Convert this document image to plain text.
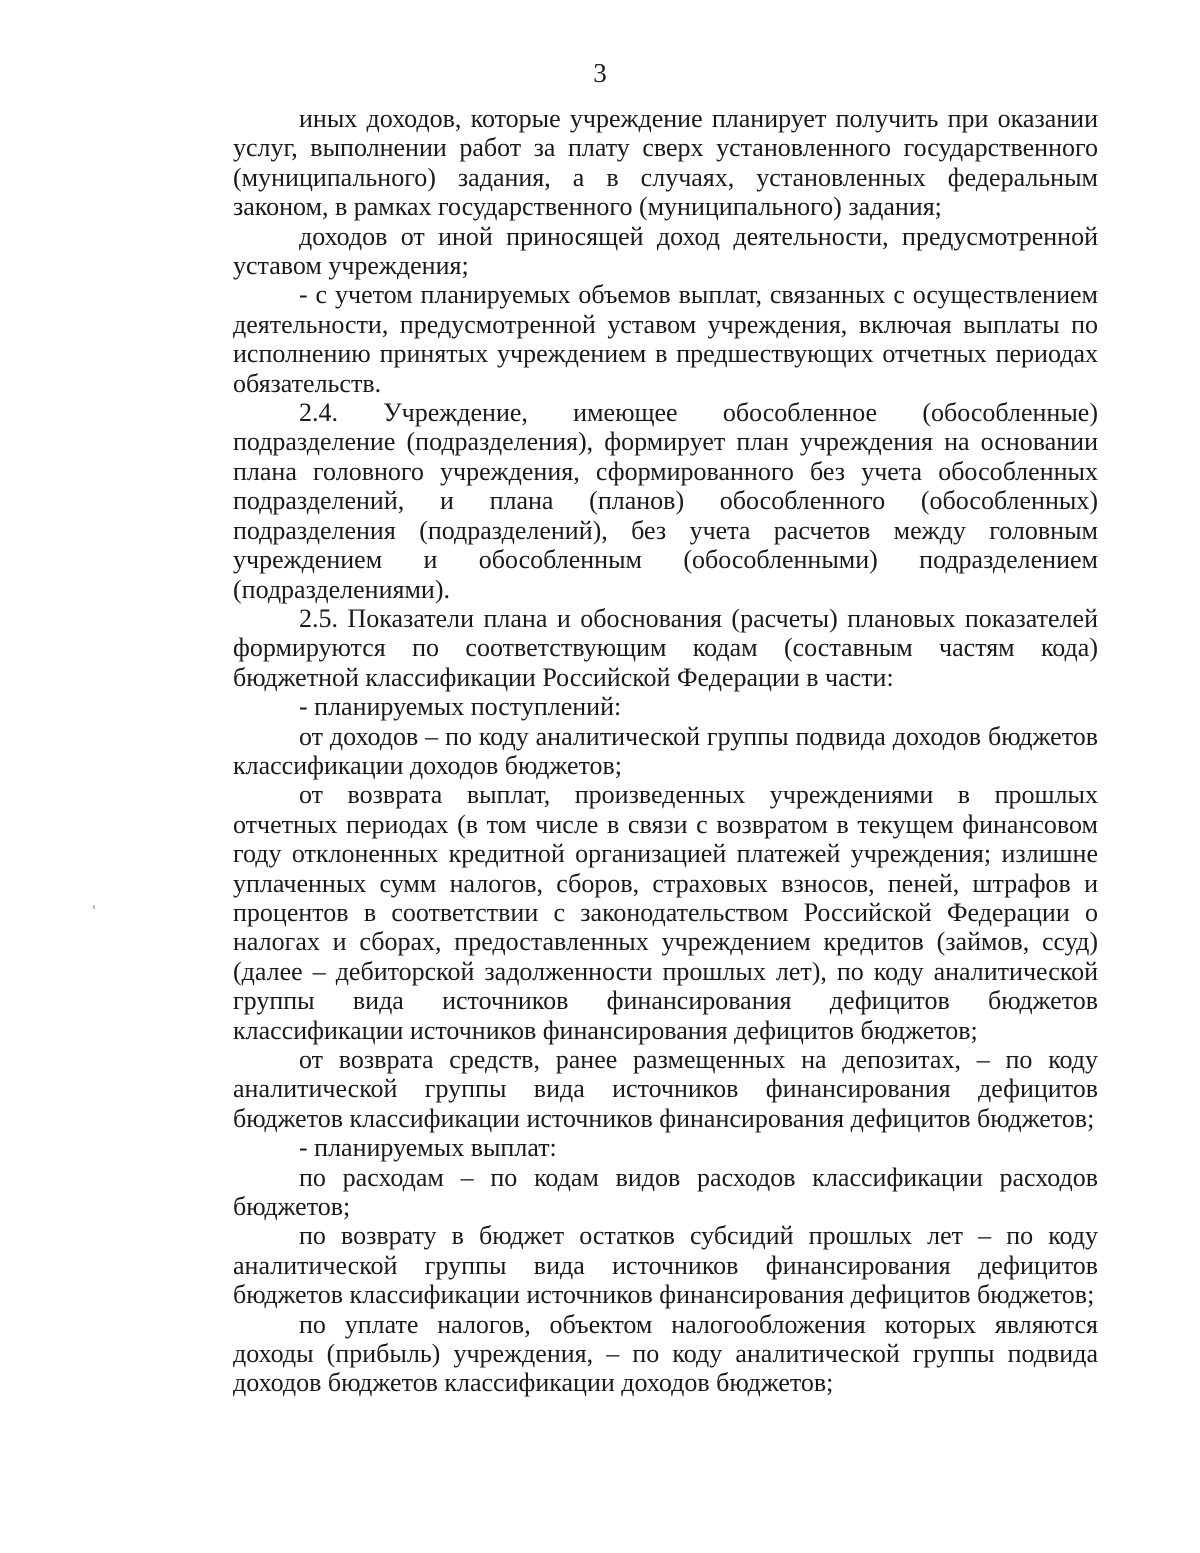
3

иных доходов, которые учреждение планирует получить при оказании услуг, выполнении работ за плату сверх установленного государственного (муниципального) задания, а в случаях, установленных федеральным законом, в рамках государственного (муниципального) задания;

доходов от иной приносящей доход деятельности, предусмотренной уставом учреждения;

- с учетом планируемых объемов выплат, связанных с осуществлением деятельности, предусмотренной уставом учреждения, включая выплаты по исполнению принятых учреждением в предшествующих отчетных периодах обязательств.

2.4. Учреждение, имеющее обособленное (обособленные) подразделение (подразделения), формирует план учреждения на основании плана головного учреждения, сформированного без учета обособленных подразделений, и плана (планов) обособленного (обособленных) подразделения (подразделений), без учета расчетов между головным учреждением и обособленным (обособленными) подразделением (подразделениями).

2.5. Показатели плана и обоснования (расчеты) плановых показателей формируются по соответствующим кодам (составным частям кода) бюджетной классификации Российской Федерации в части:

- планируемых поступлений:

от доходов – по коду аналитической группы подвида доходов бюджетов классификации доходов бюджетов;

от возврата выплат, произведенных учреждениями в прошлых отчетных периодах (в том числе в связи с возвратом в текущем финансовом году отклоненных кредитной организацией платежей учреждения; излишне уплаченных сумм налогов, сборов, страховых взносов, пеней, штрафов и процентов в соответствии с законодательством Российской Федерации о налогах и сборах, предоставленных учреждением кредитов (займов, ссуд) (далее – дебиторской задолженности прошлых лет), по коду аналитической группы вида источников финансирования дефицитов бюджетов классификации источников финансирования дефицитов бюджетов;

от возврата средств, ранее размещенных на депозитах, – по коду аналитической группы вида источников финансирования дефицитов бюджетов классификации источников финансирования дефицитов бюджетов;

- планируемых выплат:

по расходам – по кодам видов расходов классификации расходов бюджетов;

по возврату в бюджет остатков субсидий прошлых лет – по коду аналитической группы вида источников финансирования дефицитов бюджетов классификации источников финансирования дефицитов бюджетов;

по уплате налогов, объектом налогообложения которых являются доходы (прибыль) учреждения, – по коду аналитической группы подвида доходов бюджетов классификации доходов бюджетов;
